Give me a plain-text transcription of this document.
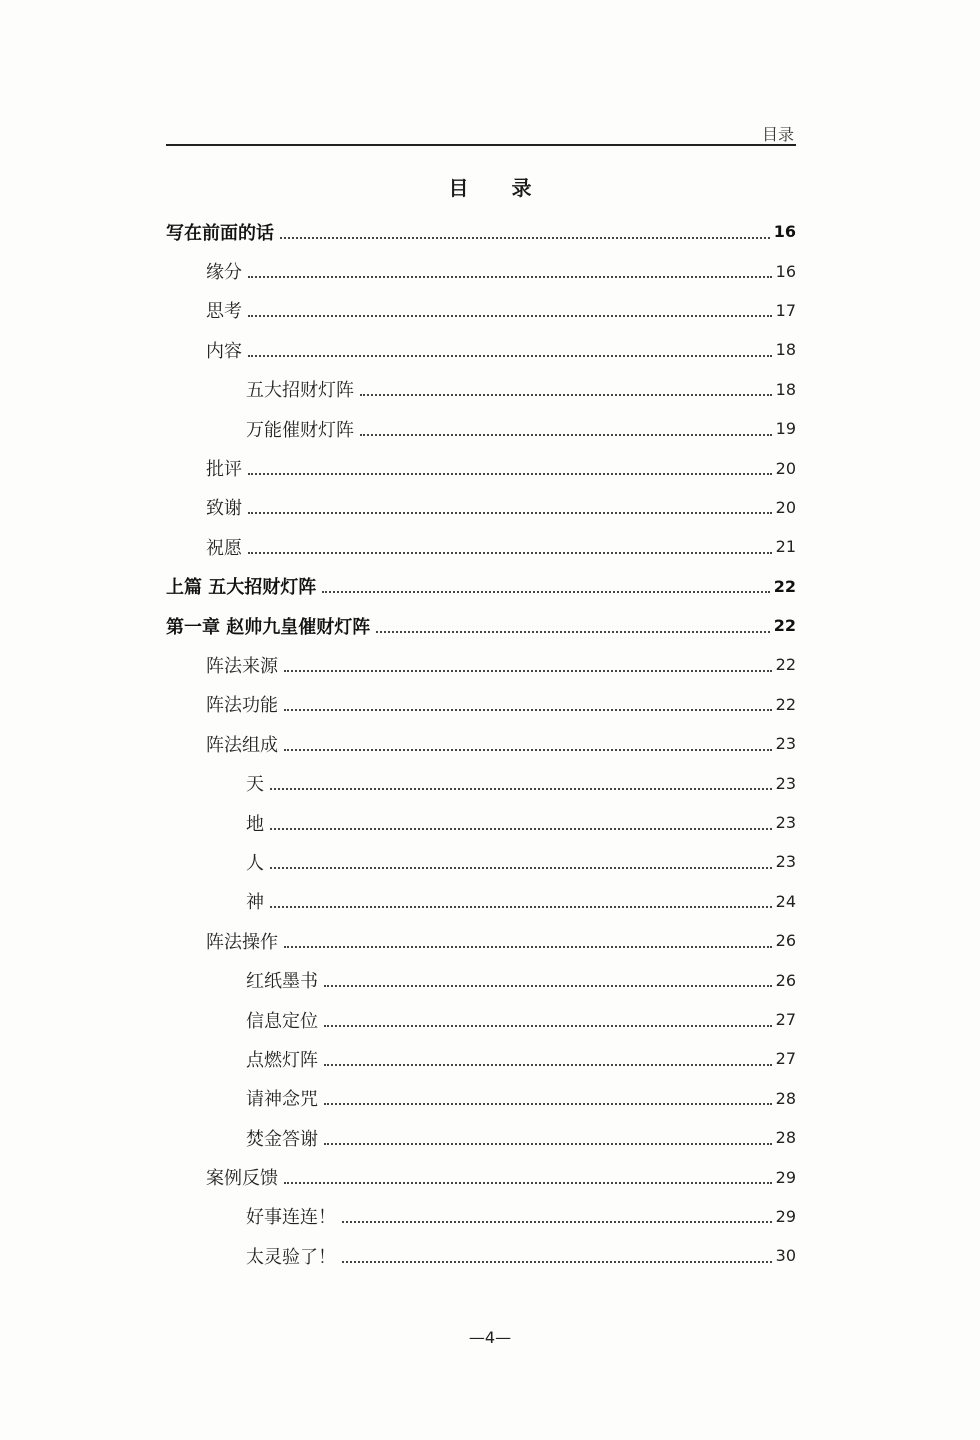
目录
目 录
写在前面的话	16
缘分	16
思考	17
内容	18
五大招财灯阵	18
万能催财灯阵	19
批评	20
致谢	20
祝愿	21
上篇 五大招财灯阵	22
第一章 赵帅九皇催财灯阵	22
阵法来源	22
阵法功能	22
阵法组成	23
天	23
地	23
人	23
神	24
阵法操作	26
红纸墨书	26
信息定位	27
点燃灯阵	27
请神念咒	28
焚金答谢	28
案例反馈	29
好事连连！	29
太灵验了！	30
—4—
